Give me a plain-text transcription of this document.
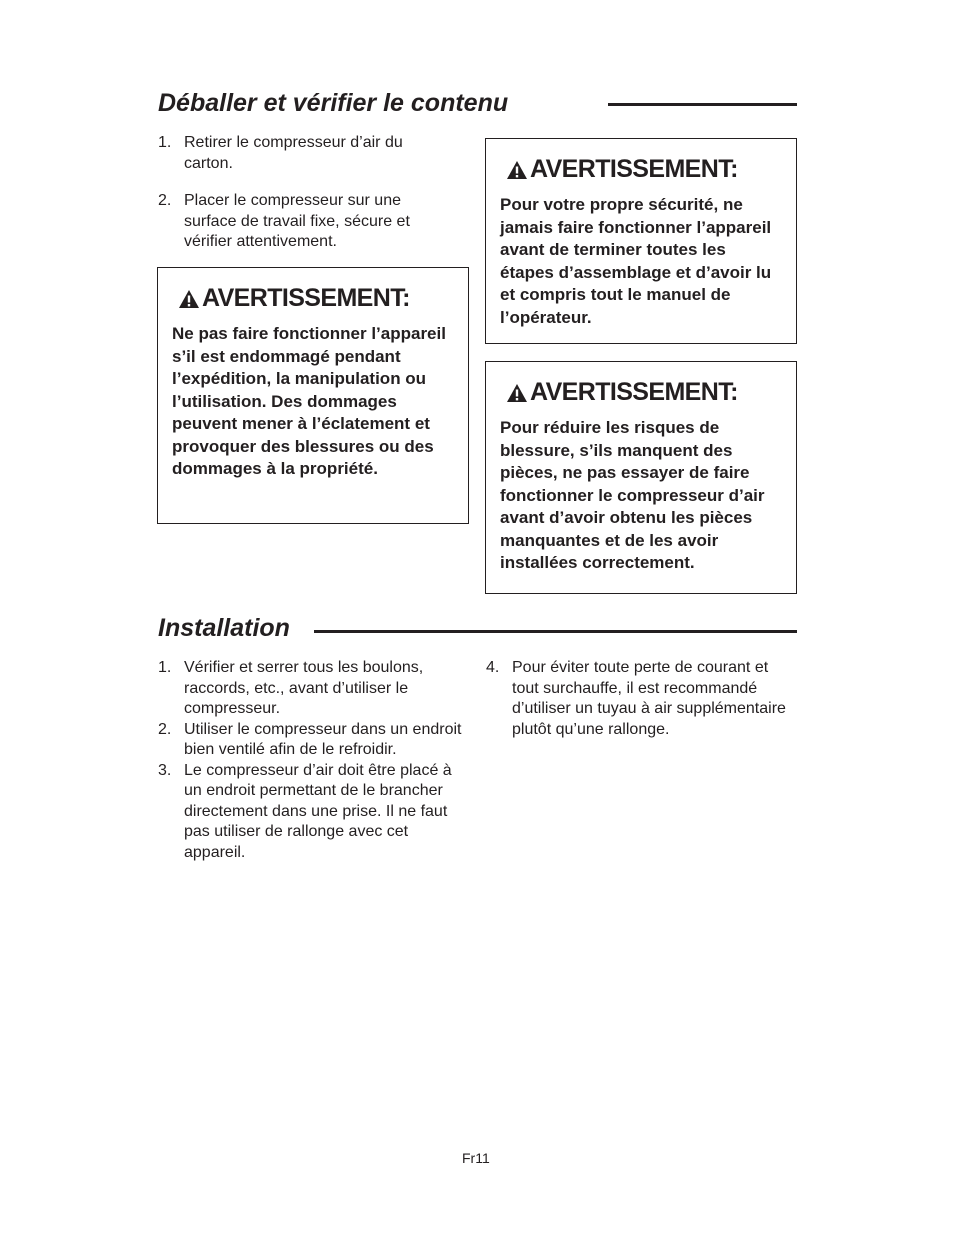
Déballer et vérifier le contenu
1. Retirer le compresseur d’air du carton.
2. Placer le compresseur sur une surface de travail fixe, sécure et vérifier attentivement.
AVERTISSEMENT:

Ne pas faire fonctionner l’appareil s’il est endommagé pendant l’expédition, la manipulation ou l’utilisation. Des dommages peuvent mener à l’éclatement et provoquer des blessures ou des dommages à la propriété.

AVERTISSEMENT:

Pour votre propre sécurité, ne jamais faire fonctionner l’appareil avant de terminer toutes les étapes d’assemblage et d’avoir lu et compris tout le manuel de l’opérateur.

AVERTISSEMENT:

Pour réduire les risques de blessure, s’ils manquent des pièces, ne pas essayer de faire fonctionner le compresseur d’air avant d’avoir obtenu les pièces manquantes et de les avoir installées correctement.

Installation
1. Vérifier et serrer tous les boulons, raccords, etc., avant d’utiliser le compresseur.
2. Utiliser le compresseur dans un endroit bien ventilé afin de le refroidir.
3. Le compresseur d’air doit être placé à un endroit permettant de le brancher directement dans une prise. Il ne faut pas utiliser de rallonge avec cet appareil.
4. Pour éviter toute perte de courant et tout surchauffe, il est recommandé d’utiliser un tuyau à air supplémentaire plutôt qu’une rallonge.
Fr11
